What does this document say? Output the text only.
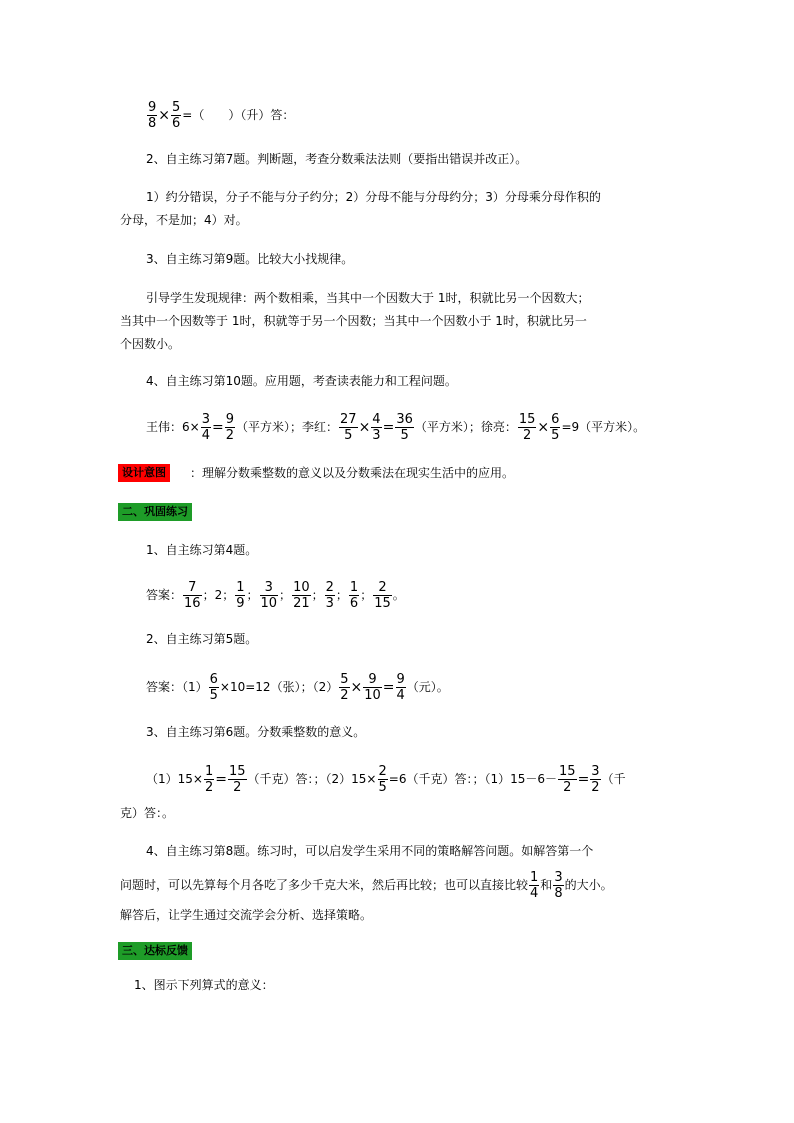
$\frac{9}{8} \times \frac{5}{6}$ =（　　）（升）答：
2、自主练习第7题。判断题，考查分数乘法法则（要指出错误并改正）。
1）约分错误，分子不能与分子约分；2）分母不能与分母约分；3）分母乘分母作积的
分母，不是加；4）对。
3、自主练习第9题。比较大小找规律。
引导学生发现规律：两个数相乘，当其中一个因数大于 1时，积就比另一个因数大；
当其中一个因数等于 1时，积就等于另一个因数；当其中一个因数小于 1时，积就比另一
个因数小。
4、自主练习第10题。应用题，考查读表能力和工程问题。
王伟：$6\times \frac{3}{4} = \frac{9}{2}$ （平方米）；李红： $\frac{27}{5} \times \frac{4}{3} = \frac{36}{5}$ （平方米）；徐亮： $\frac{15}{2} \times \frac{6}{5} =9$（平方米）。
设计意图	：理解分数乘整数的意义以及分数乘法在现实生活中的应用。
二、巩固练习
1、自主练习第4题。
答案： $\frac{7}{16}$ ；2； $\frac{1}{9}$ ； $\frac{3}{10}$ ； $\frac{10}{21}$ ； $\frac{2}{3}$ ； $\frac{1}{6}$ ； $\frac{2}{15}$ 。
2、自主练习第5题。
答案：$(1) \frac{6}{5} \times 10=12$（张）；$(2) \frac{5}{2} \times \frac{9}{10} = \frac{9}{4}$ （元）。
3、自主练习第6题。分数乘整数的意义。
$(1)15\times \frac{1}{2} = \frac{15}{2}$ （千克）答：；$(2)15\times \frac{2}{5} =6$（千克）答：；$(1)15-6- \frac{15}{2} = \frac{3}{2}$ （千
克）答：。
4、自主练习第8题。练习时，可以启发学生采用不同的策略解答问题。如解答第一个
问题时，可以先算每个月各吃了多少千克大米，然后再比较；也可以直接比较 $\frac{1}{4}$ 和 $\frac{3}{8}$ 的大小。
解答后，让学生通过交流学会分析、选择策略。
三、达标反馈
1、图示下列算式的意义：
